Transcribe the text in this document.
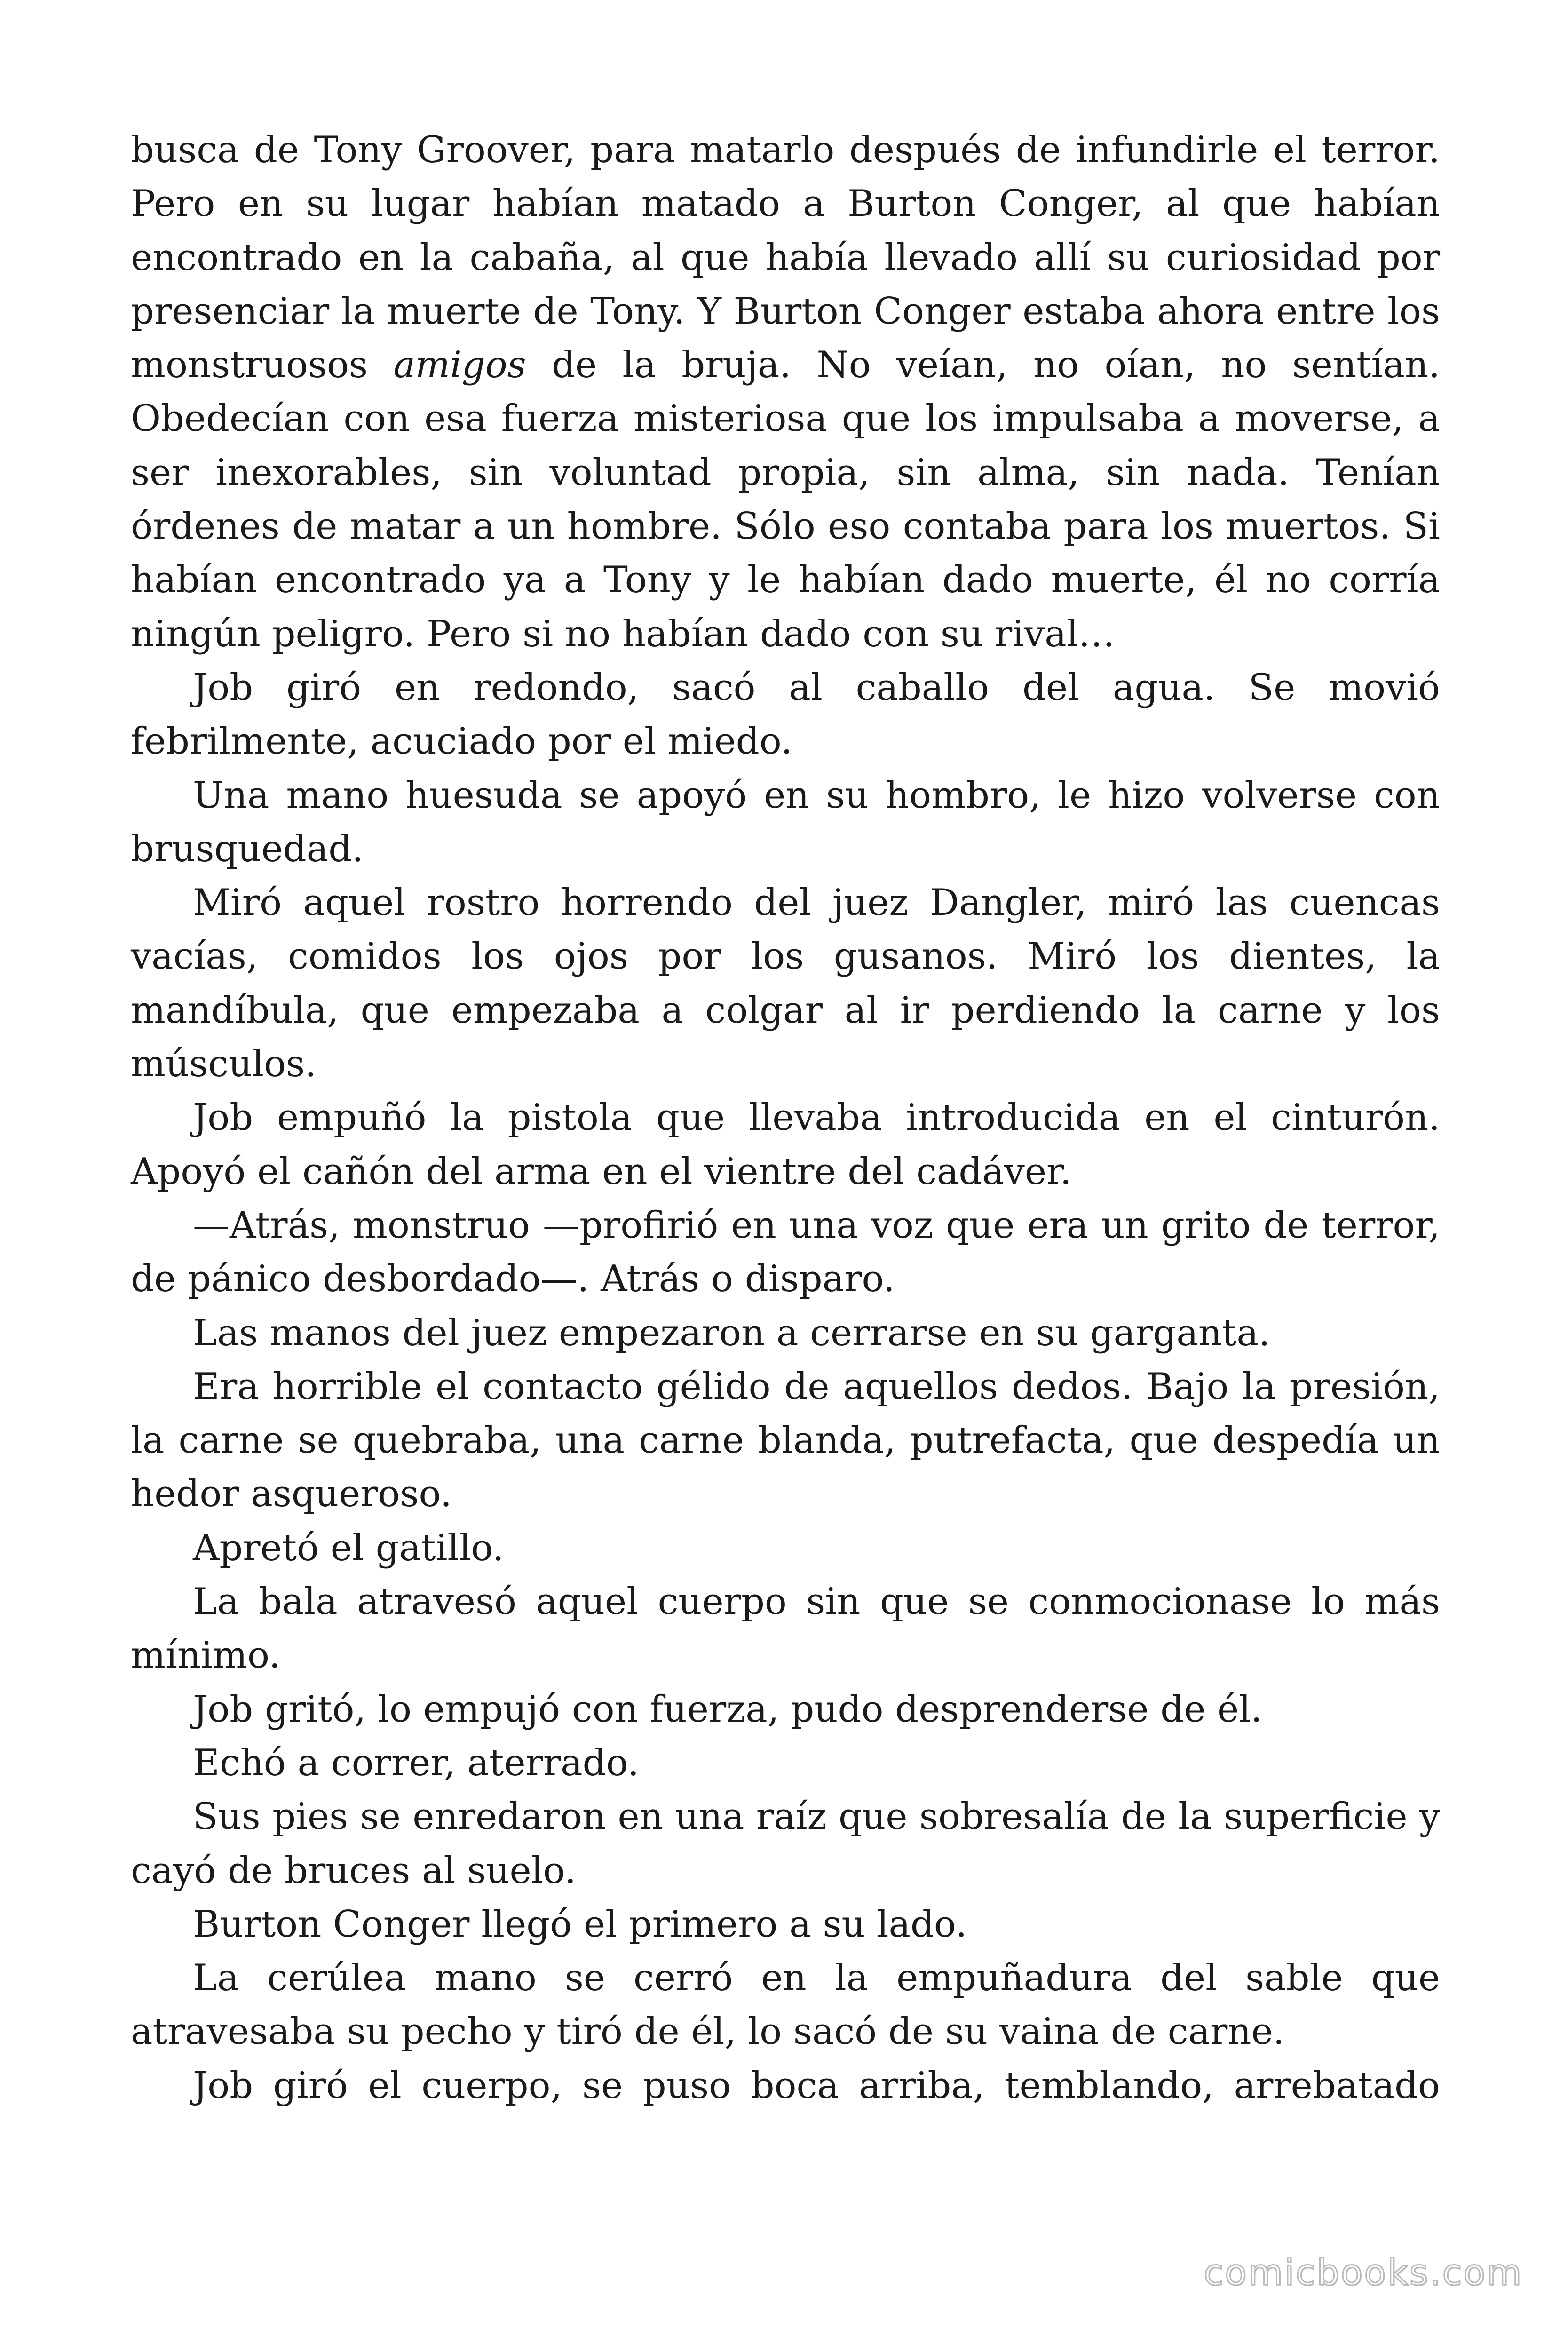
busca de Tony Groover, para matarlo después de infundirle el terror. Pero en su lugar habían matado a Burton Conger, al que habían encontrado en la cabaña, al que había llevado allí su curiosidad por presenciar la muerte de Tony. Y Burton Conger estaba ahora entre los monstruosos amigos de la bruja. No veían, no oían, no sentían. Obedecían con esa fuerza misteriosa que los impulsaba a moverse, a ser inexorables, sin voluntad propia, sin alma, sin nada. Tenían órdenes de matar a un hombre. Sólo eso contaba para los muertos. Si habían encontrado ya a Tony y le habían dado muerte, él no corría ningún peligro. Pero si no habían dado con su rival…

Job giró en redondo, sacó al caballo del agua. Se movió febrilmente, acuciado por el miedo.

Una mano huesuda se apoyó en su hombro, le hizo volverse con brusquedad.

Miró aquel rostro horrendo del juez Dangler, miró las cuencas vacías, comidos los ojos por los gusanos. Miró los dientes, la mandíbula, que empezaba a colgar al ir perdiendo la carne y los músculos.

Job empuñó la pistola que llevaba introducida en el cinturón. Apoyó el cañón del arma en el vientre del cadáver.

—Atrás, monstruo —profirió en una voz que era un grito de terror, de pánico desbordado—. Atrás o disparo.

Las manos del juez empezaron a cerrarse en su garganta.

Era horrible el contacto gélido de aquellos dedos. Bajo la presión, la carne se quebraba, una carne blanda, putrefacta, que despedía un hedor asqueroso.

Apretó el gatillo.

La bala atravesó aquel cuerpo sin que se conmocionase lo más mínimo.

Job gritó, lo empujó con fuerza, pudo desprenderse de él.

Echó a correr, aterrado.

Sus pies se enredaron en una raíz que sobresalía de la superficie y cayó de bruces al suelo.

Burton Conger llegó el primero a su lado.

La cerúlea mano se cerró en la empuñadura del sable que atravesaba su pecho y tiró de él, lo sacó de su vaina de carne.

Job giró el cuerpo, se puso boca arriba, temblando, arrebatado

comicbooks.com
